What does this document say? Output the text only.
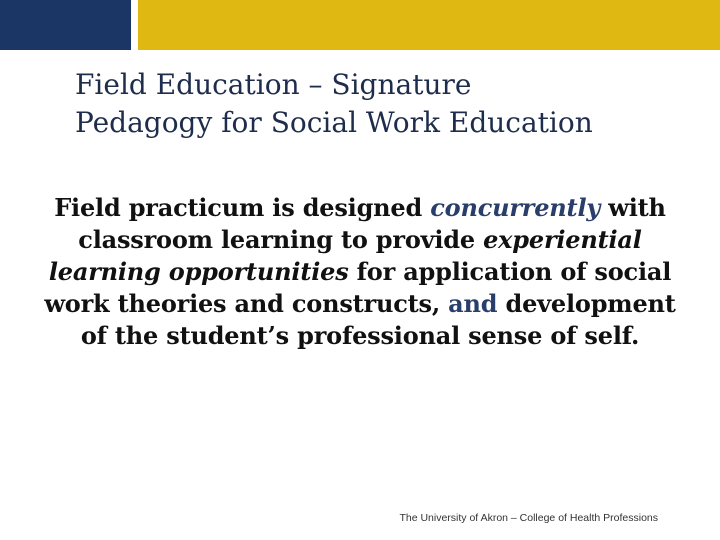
Field Education – Signature Pedagogy for Social Work Education

Field practicum is designed concurrently with classroom learning to provide experiential learning opportunities for application of social work theories and constructs, and development of the student’s professional sense of self.

The University of Akron – College of Health Professions
